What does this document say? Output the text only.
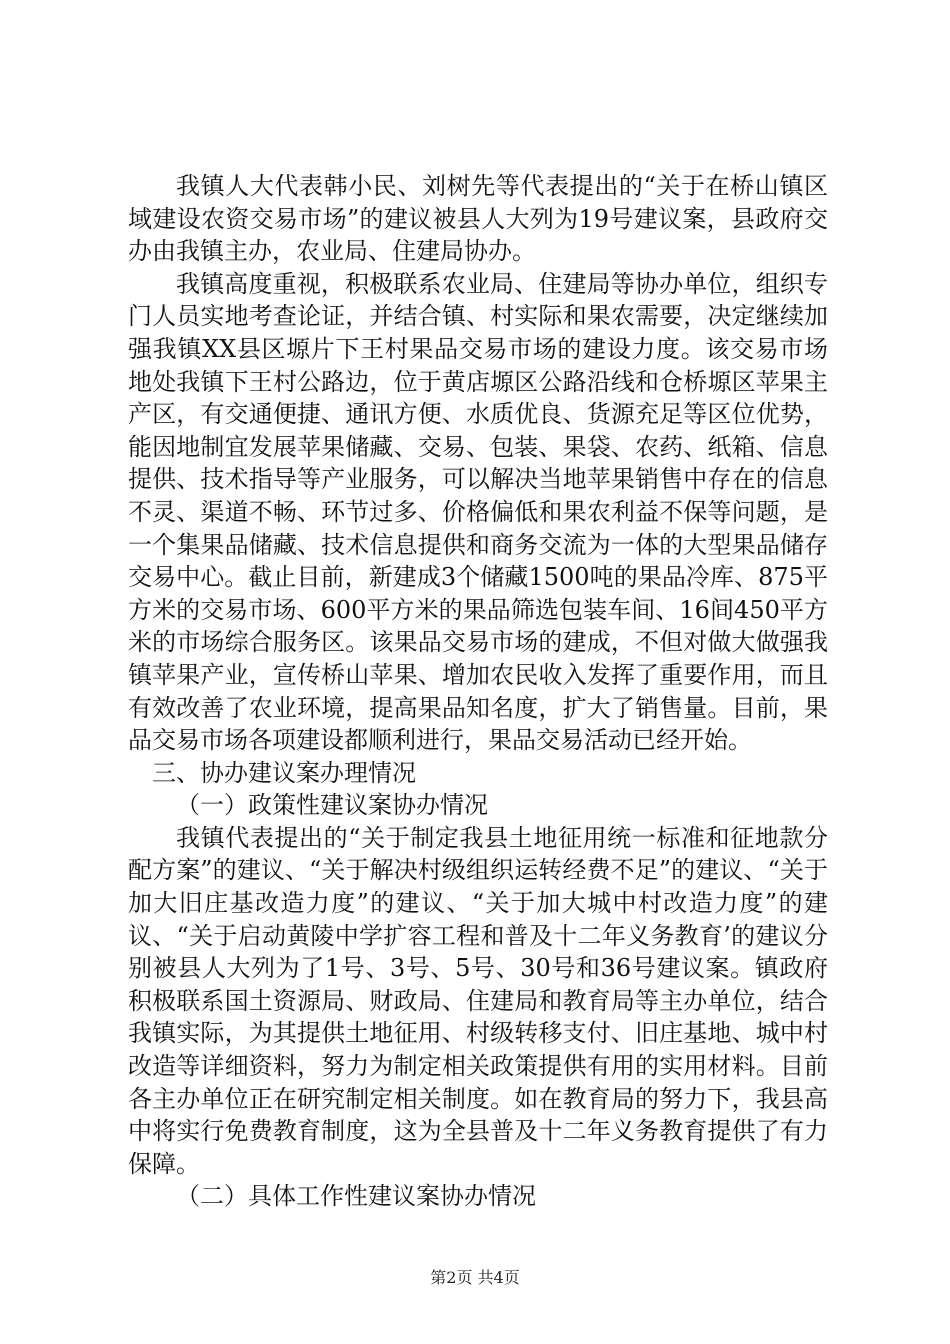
我镇人大代表韩小民、刘树先等代表提出的“关于在桥山镇区域建设农资交易市场”的建议被县人大列为19号建议案，县政府交办由我镇主办，农业局、住建局协办。

我镇高度重视，积极联系农业局、住建局等协办单位，组织专门人员实地考查论证，并结合镇、村实际和果农需要，决定继续加强我镇XX县区塬片下王村果品交易市场的建设力度。该交易市场地处我镇下王村公路边，位于黄店塬区公路沿线和仓桥塬区苹果主产区，有交通便捷、通讯方便、水质优良、货源充足等区位优势，能因地制宜发展苹果储藏、交易、包装、果袋、农药、纸箱、信息提供、技术指导等产业服务，可以解决当地苹果销售中存在的信息不灵、渠道不畅、环节过多、价格偏低和果农利益不保等问题，是一个集果品储藏、技术信息提供和商务交流为一体的大型果品储存交易中心。截止目前，新建成3个储藏1500吨的果品冷库、875平方米的交易市场、600平方米的果品筛选包装车间、16间450平方米的市场综合服务区。该果品交易市场的建成，不但对做大做强我镇苹果产业，宣传桥山苹果、增加农民收入发挥了重要作用，而且有效改善了农业环境，提高果品知名度，扩大了销售量。目前，果品交易市场各项建设都顺利进行，果品交易活动已经开始。

三、协办建议案办理情况

（一）政策性建议案协办情况

我镇代表提出的“关于制定我县土地征用统一标准和征地款分配方案”的建议、“关于解决村级组织运转经费不足”的建议、“关于加大旧庄基改造力度”的建议、“关于加大城中村改造力度”的建议、“关于启动黄陵中学扩容工程和普及十二年义务教育’的建议分别被县人大列为了1号、3号、5号、30号和36号建议案。镇政府积极联系国土资源局、财政局、住建局和教育局等主办单位，结合我镇实际，为其提供土地征用、村级转移支付、旧庄基地、城中村改造等详细资料，努力为制定相关政策提供有用的实用材料。目前各主办单位正在研究制定相关制度。如在教育局的努力下，我县高中将实行免费教育制度，这为全县普及十二年义务教育提供了有力保障。

（二）具体工作性建议案协办情况

第2页 共4页
